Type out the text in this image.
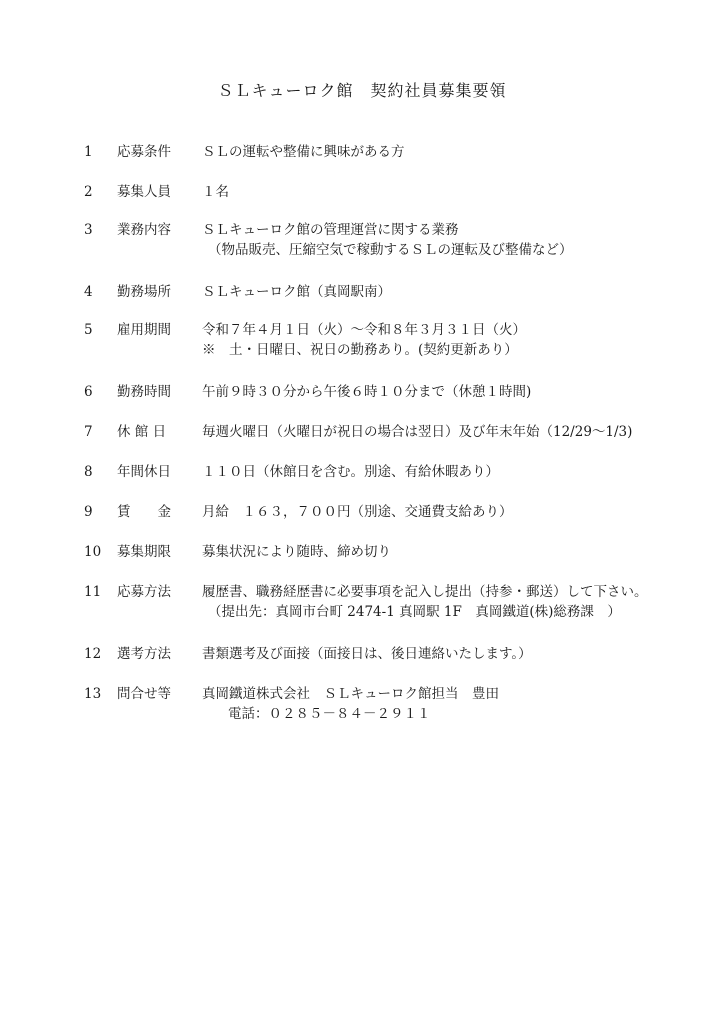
ＳＬキューロク館　契約社員募集要領
1	応募条件	ＳＬの運転や整備に興味がある方
2	募集人員	１名
3	業務内容	ＳＬキューロク館の管理運営に関する業務
（物品販売、圧縮空気で稼動するＳＬの運転及び整備など）
4	勤務場所	ＳＬキューロク館（真岡駅南）
5	雇用期間	令和７年４月１日（火）～令和８年３月３１日（火）
※　土・日曜日、祝日の勤務あり。(契約更新あり）
6	勤務時間	午前９時３０分から午後６時１０分まで（休憩１時間)
7	休 館 日	毎週火曜日（火曜日が祝日の場合は翌日）及び年末年始（12/29～1/3)
8	年間休日	１１０日（休館日を含む。別途、有給休暇あり）
9	賃　　金	月給　１６３，７００円（別途、交通費支給あり）
10	募集期限	募集状況により随時、締め切り
11	応募方法	履歴書、職務経歴書に必要事項を記入し提出（持参・郵送）して下さい。
（提出先：真岡市台町 2474-1 真岡駅 1F　真岡鐵道(株)総務課　）
12	選考方法	書類選考及び面接（面接日は、後日連絡いたします。）
13	問合せ等	真岡鐵道株式会社　ＳＬキューロク館担当　豊田
電話：０２８５－８４－２９１１
